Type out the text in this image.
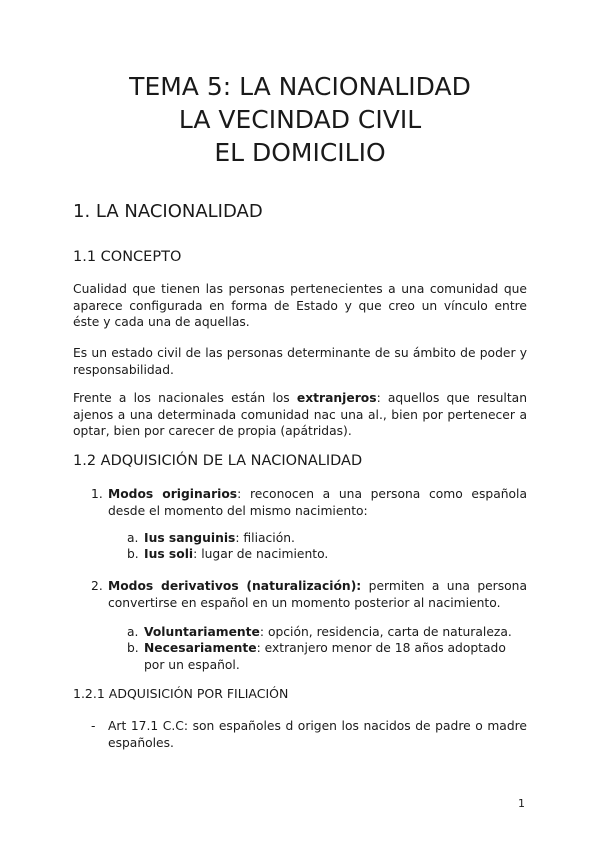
TEMA 5: LA NACIONALIDAD
LA VECINDAD CIVIL
EL DOMICILIO
1. LA NACIONALIDAD
1.1 CONCEPTO
Cualidad que tienen las personas pertenecientes a una comunidad que aparece configurada en forma de Estado y que creo un vínculo entre éste y cada una de aquellas.
Es un estado civil de las personas determinante de su ámbito de poder y responsabilidad.
Frente a los nacionales están los extranjeros: aquellos que resultan ajenos a una determinada comunidad nac una al., bien por pertenecer a optar, bien por carecer de propia (apátridas).
1.2 ADQUISICIÓN DE LA NACIONALIDAD
1. Modos originarios: reconocen a una persona como española desde el momento del mismo nacimiento:
a. Ius sanguinis: filiación.
b. Ius soli: lugar de nacimiento.
2. Modos derivativos (naturalización): permiten a una persona convertirse en español en un momento posterior al nacimiento.
a. Voluntariamente: opción, residencia, carta de naturaleza.
b. Necesariamente: extranjero menor de 18 años adoptado por un español.
1.2.1 ADQUISICIÓN POR FILIACIÓN
- Art 17.1 C.C: son españoles d origen los nacidos de padre o madre españoles.
1
